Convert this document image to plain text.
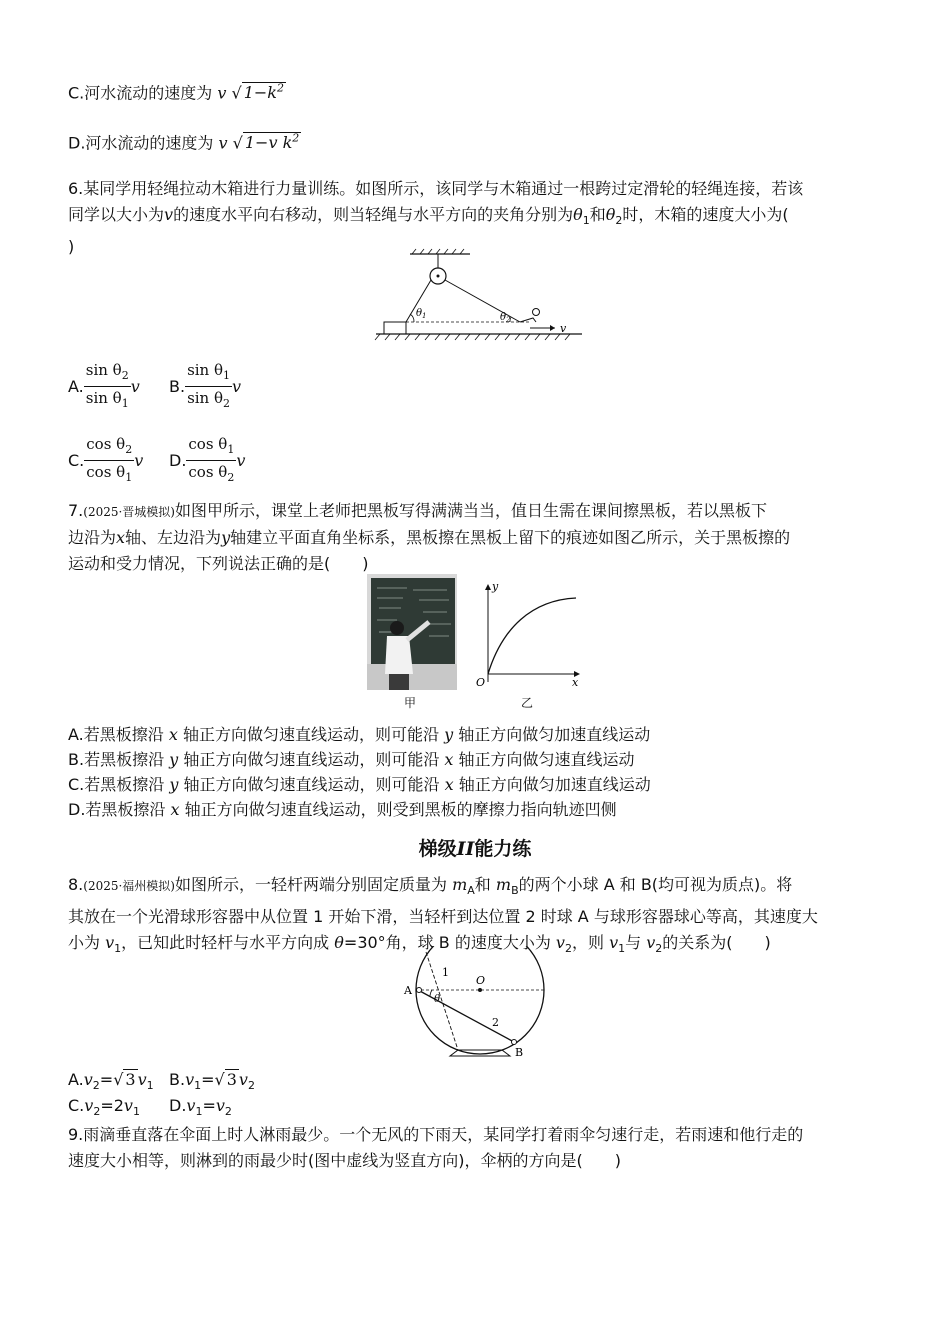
C.河水流动的速度为 v √ $1-k^2$
D.河水流动的速度为 v √ 1−v $k^2$
6.某同学用轻绳拉动木箱进行力量训练。如图所示，该同学与木箱通过一根跨过定滑轮的轻绳连接，若该
同学以大小为v的速度水平向右移动，则当轻绳与水平方向的夹角分别为$\theta_1$和$\theta_2$时，木箱的速度大小为(
)
$\theta_1$	$\theta_2$
v
A. $\frac{\sin \theta_2}{\sin \theta_1}$ v B. $\frac{\sin \theta_1}{\sin \theta_2}$ v
C. $\frac{\cos \theta_2}{\cos \theta_1}$ v D. $\frac{\cos \theta_1}{\cos \theta_2}$ v
7.(2025·晋城模拟)如图甲所示，课堂上老师把黑板写得满满当当，值日生需在课间擦黑板，若以黑板下
边沿为x轴、左边沿为y轴建立平面直角坐标系，黑板擦在黑板上留下的痕迹如图乙所示，关于黑板擦的
运动和受力情况，下列说法正确的是(　　)
甲
y
x
O
乙
A.若黑板擦沿 x 轴正方向做匀速直线运动，则可能沿 y 轴正方向做匀加速直线运动
B.若黑板擦沿 y 轴正方向做匀速直线运动，则可能沿 x 轴正方向做匀速直线运动
C.若黑板擦沿 y 轴正方向做匀速直线运动，则可能沿 x 轴正方向做匀加速直线运动
D.若黑板擦沿 x 轴正方向做匀速直线运动，则受到黑板的摩擦力指向轨迹凹侧
梯级II能力练
8.(2025·福州模拟)如图所示，一轻杆两端分别固定质量为 $m_A$和 $m_B$的两个小球 A 和 B(均可视为质点)。将
其放在一个光滑球形容器中从位置 1 开始下滑，当轻杆到达位置 2 时球 A 与球形容器球心等高，其速度大
小为 $v_1$，已知此时轻杆与水平方向成 θ=30°角，球 B 的速度大小为 $v_2$，则 $v_1$与 $v_2$的关系为(　　)
O
1
A
B
2
θ
$A.v_2=√$ 3 $v_1$ $B.v_1=√$ 3 $v_2$
$C.v_2=2v_1$ $D.v_1=v_2$
9.雨滴垂直落在伞面上时人淋雨最少。一个无风的下雨天，某同学打着雨伞匀速行走，若雨速和他行走的
速度大小相等，则淋到的雨最少时(图中虚线为竖直方向)，伞柄的方向是(　　)
